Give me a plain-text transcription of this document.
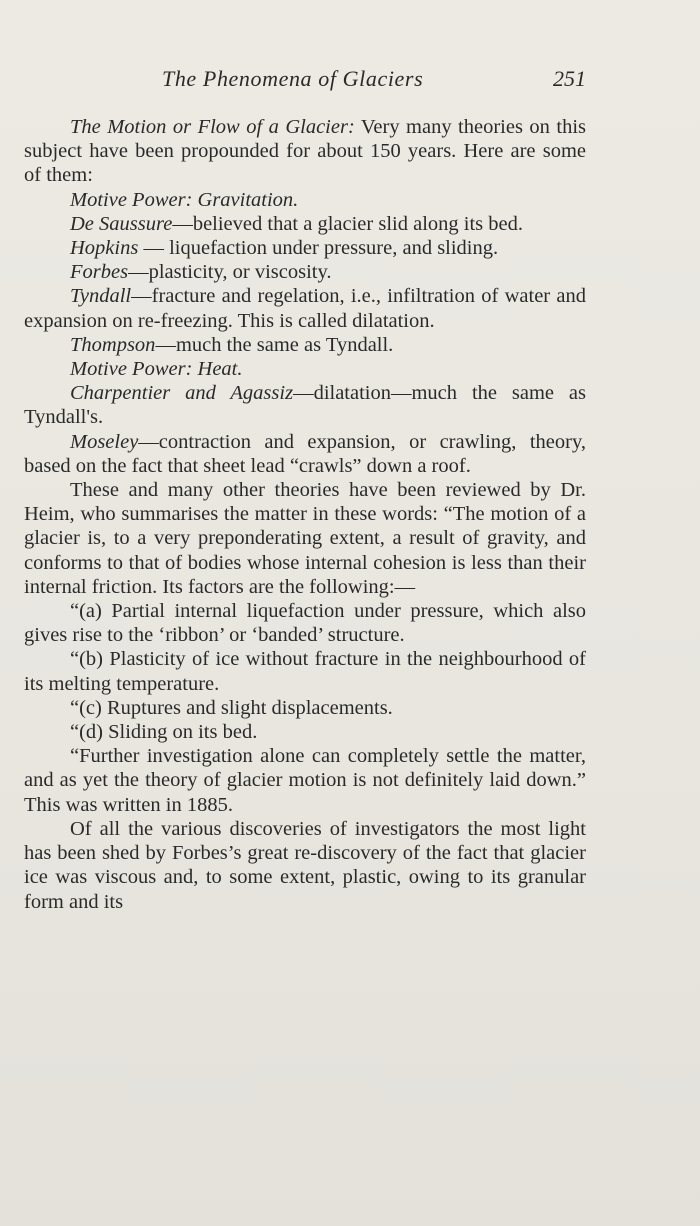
The Phenomena of Glaciers	251

The Motion or Flow of a Glacier: Very many theories on this subject have been propounded for about 150 years. Here are some of them:

Motive Power: Gravitation.

De Saussure—believed that a glacier slid along its bed.

Hopkins — liquefaction under pressure, and sliding.

Forbes—plasticity, or viscosity.

Tyndall—fracture and regelation, i.e., infiltration of water and expansion on re-freezing. This is called dilatation.

Thompson—much the same as Tyndall.

Motive Power: Heat.

Charpentier and Agassiz—dilatation—much the same as Tyndall's.

Moseley—contraction and expansion, or crawling, theory, based on the fact that sheet lead “crawls” down a roof.

These and many other theories have been reviewed by Dr. Heim, who summarises the matter in these words: “The motion of a glacier is, to a very preponderating extent, a result of gravity, and conforms to that of bodies whose internal cohesion is less than their internal friction. Its factors are the following:—

“(a) Partial internal liquefaction under pressure, which also gives rise to the ‘ribbon’ or ‘banded’ structure.

“(b) Plasticity of ice without fracture in the neighbourhood of its melting temperature.

“(c) Ruptures and slight displacements.

“(d) Sliding on its bed.

“Further investigation alone can completely settle the matter, and as yet the theory of glacier motion is not definitely laid down.” This was written in 1885.

Of all the various discoveries of investigators the most light has been shed by Forbes’s great re-discovery of the fact that glacier ice was viscous and, to some extent, plastic, owing to its granular form and its
